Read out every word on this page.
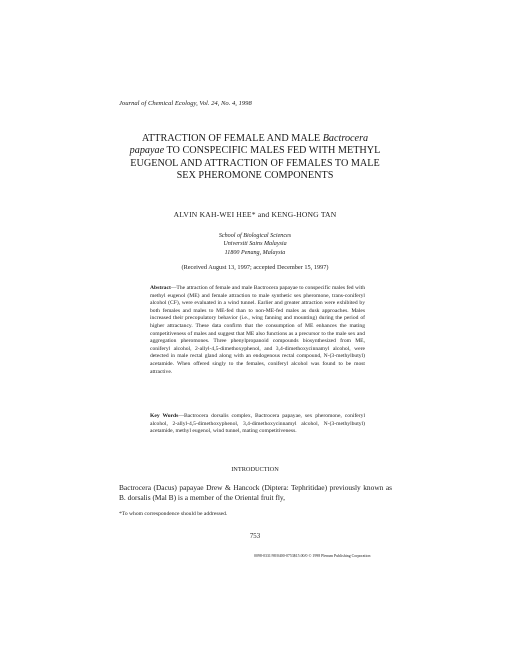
Journal of Chemical Ecology, Vol. 24, No. 4, 1998
ATTRACTION OF FEMALE AND MALE Bactrocera
papayae TO CONSPECIFIC MALES FED WITH METHYL
EUGENOL AND ATTRACTION OF FEMALES TO MALE
SEX PHEROMONE COMPONENTS
ALVIN KAH-WEI HEE* and KENG-HONG TAN
School of Biological Sciences
Universiti Sains Malaysia
11800 Penang, Malaysia
(Received August 13, 1997; accepted December 15, 1997)
Abstract—The attraction of female and male Bactrocera papayae to conspecific males fed with methyl eugenol (ME) and female attraction to male synthetic sex pheromone, trans-coniferyl alcohol (CF), were evaluated in a wind tunnel. Earlier and greater attraction were exhibited by both females and males to ME-fed than to non-ME-fed males as dusk approaches. Males increased their precopulatory behavior (i.e., wing fanning and mounting) during the period of higher attractancy. These data confirm that the consumption of ME enhances the mating competitiveness of males and suggest that ME also functions as a precursor to the male sex and aggregation pheromones. Three phenylpropanoid compounds biosynthesized from ME, coniferyl alcohol, 2-allyl-4,5-dimethoxyphenol, and 3,4-dimethoxycinnamyl alcohol, were detected in male rectal gland along with an endogenous rectal compound, N-(3-methylbutyl) acetamide. When offered singly to the females, coniferyl alcohol was found to be most attractive.
Key Words—Bactrocera dorsalis complex, Bactrocera papayae, sex pheromone, coniferyl alcohol, 2-allyl-4,5-dimethoxyphenol, 3,4-dimethoxycinnamyl alcohol, N-(3-methylbutyl) acetamide, methyl eugenol, wind tunnel, mating competitiveness.
INTRODUCTION
Bactrocera (Dacus) papayae Drew & Hancock (Diptera: Tephritidae) previously known as B. dorsalis (Mal B) is a member of the Oriental fruit fly,
*To whom correspondence should be addressed.
753
0098-0331/98/0400-0753$15.00/0 © 1998 Plenum Publishing Corporation
